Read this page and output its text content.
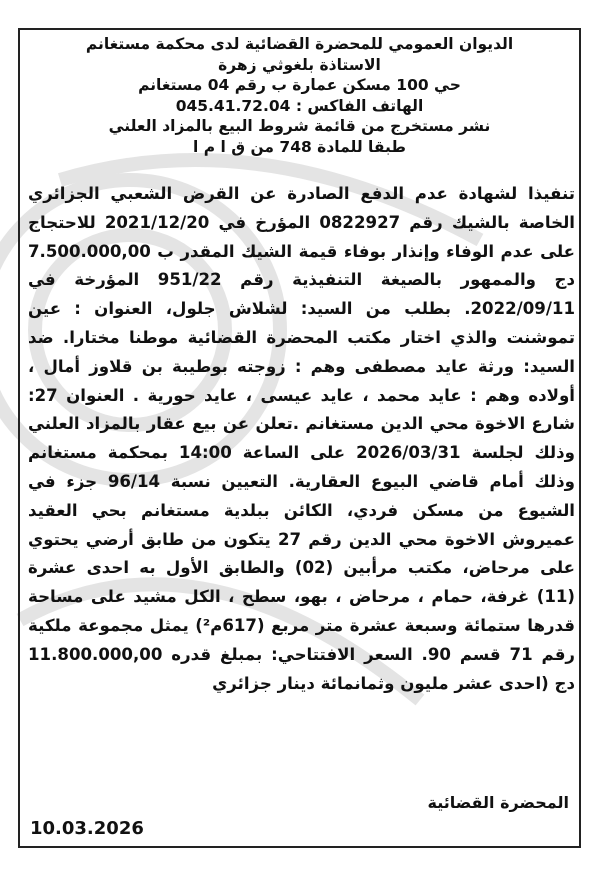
الديوان العمومي للمحضرة القضائية لدى محكمة مستغانم
الاستاذة بلغوثي زهرة
حي 100 مسكن عمارة ب رقم 04 مستغانم
الهاتف الفاكس : 045.41.72.04
نشر مستخرج من قائمة شروط البيع بالمزاد العلني
طبقا للمادة 748 من ق ا م ا
تنفيذا لشهادة عدم الدفع الصادرة عن القرض الشعبي الجزائري الخاصة بالشيك رقم 0822927 المؤرخ في 2021/12/20 للاحتجاج على عدم الوفاء وإنذار بوفاء قيمة الشيك المقدر ب 7.500.000,00 دج والممهور بالصيغة التنفيذية رقم 951/22 المؤرخة في 2022/09/11. بطلب من السيد: لشلاش جلول، العنوان : عين تموشنت والذي اختار مكتب المحضرة القضائية موطنا مختارا. ضد السيد: ورثة عايد مصطفى وهم : زوجته بوطيبة بن قلاوز أمال ، أولاده وهم : عايد محمد ، عايد عيسى ، عايد حورية . العنوان 27: شارع الاخوة محي الدين مستغانم .تعلن عن بيع عقار بالمزاد العلني وذلك لجلسة 2026/03/31 على الساعة 14:00 بمحكمة مستغانم وذلك أمام قاضي البيوع العقارية. التعيين نسبة 96/14 جزء في الشيوع من مسكن فردي، الكائن ببلدية مستغانم بحي العقيد عميروش الاخوة محي الدين رقم 27 يتكون من طابق أرضي يحتوي على مرحاض، مكتب مرأبين (02) والطابق الأول به احدى عشرة (11) غرفة، حمام ، مرحاض ، بهو، سطح ، الكل مشيد على مساحة قدرها ستمائة وسبعة عشرة متر مربع (617م²) يمثل مجموعة ملكية رقم 71 قسم 90. السعر الافتتاحي: بمبلغ قدره 11.800.000,00 دج (احدى عشر مليون وثمانمائة دينار جزائري
المحضرة القضائية
10.03.2026
